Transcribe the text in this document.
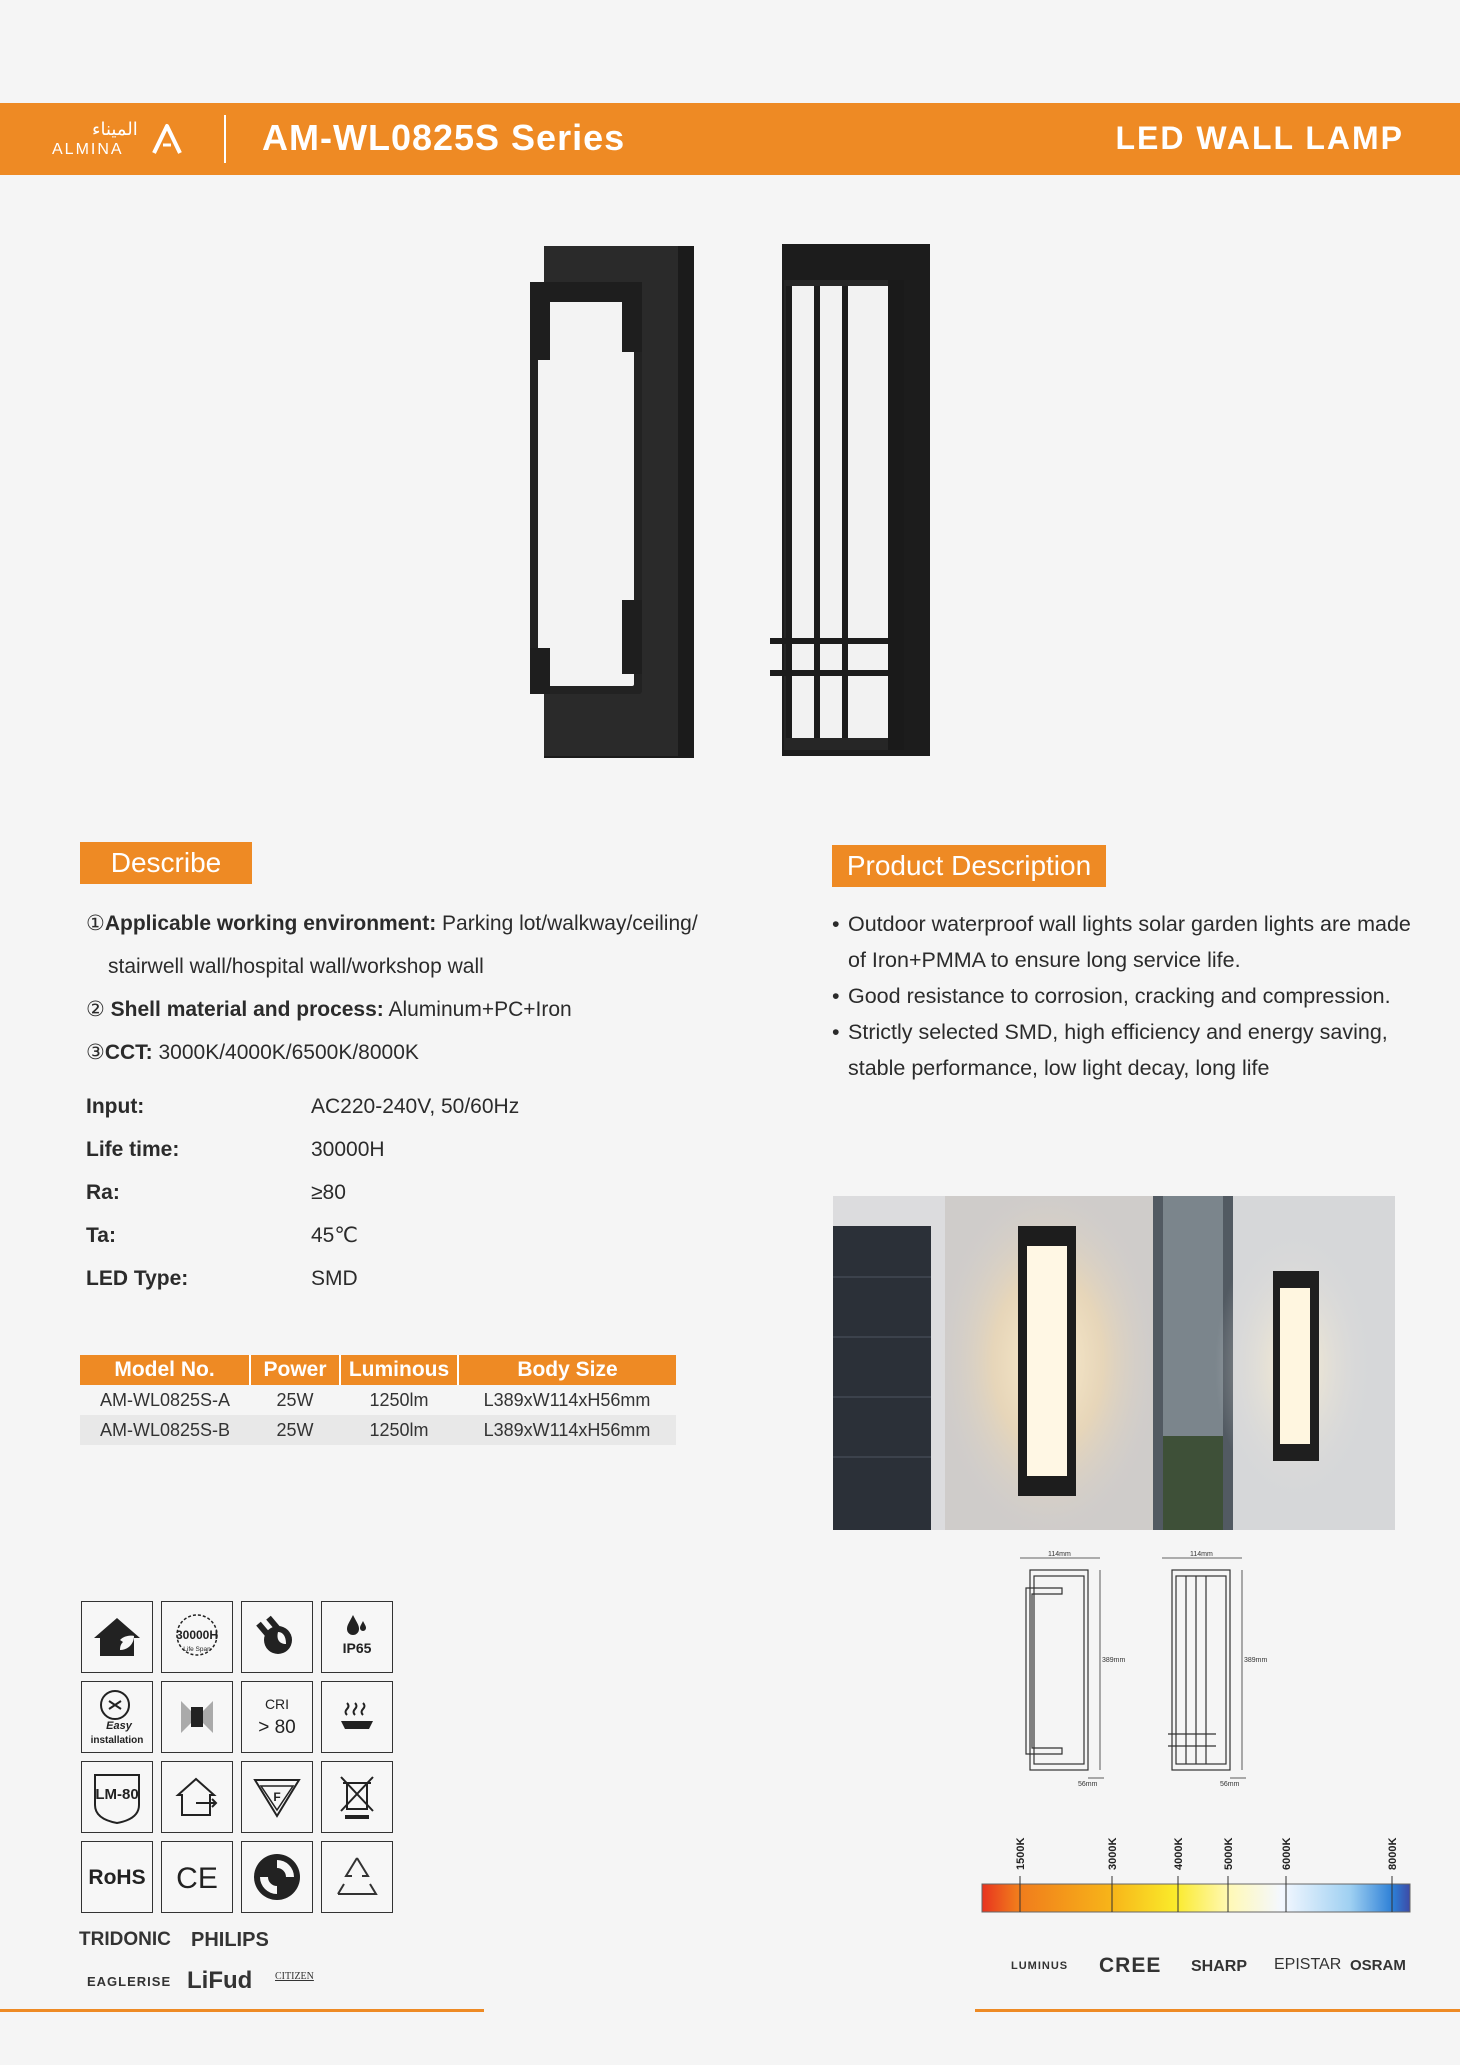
الميناء
ALMINA	AM-WL0825S Series	LED WALL LAMP
Describe
①Applicable working environment: Parking lot/walkway/ceiling/
stairwell wall/hospital wall/workshop wall
② Shell material and process: Aluminum+PC+Iron
③CCT: 3000K/4000K/6500K/8000K
Input:	AC220-240V, 50/60Hz
Life time:	30000H
Ra:	≥80
Ta:	45℃
LED Type:	SMD
Model No.	Power	Luminous	Body Size
AM-WL0825S-A	25W	1250lm	L389xW114xH56mm
AM-WL0825S-B	25W	1250lm	L389xW114xH56mm
Product Description
• Outdoor waterproof wall lights solar garden lights are made of Iron+PMMA to ensure long service life.
• Good resistance to corrosion, cracking and compression.
• Strictly selected SMD, high efficiency and energy saving, stable performance, low light decay, long life
114mm
389mm
56mm
114mm
389mm
56mm
1500K	3000K	4000K	5000K	6000K	8000K
30000H
Life Span	IP65
Easy
installation
CRI
> 80
LM-80	F
RoHS CE
TRIDONIC PHILIPS
EAGLERISE LiFud CITIZEN
LUMINUS CREE SHARP EPISTAR OSRAM
